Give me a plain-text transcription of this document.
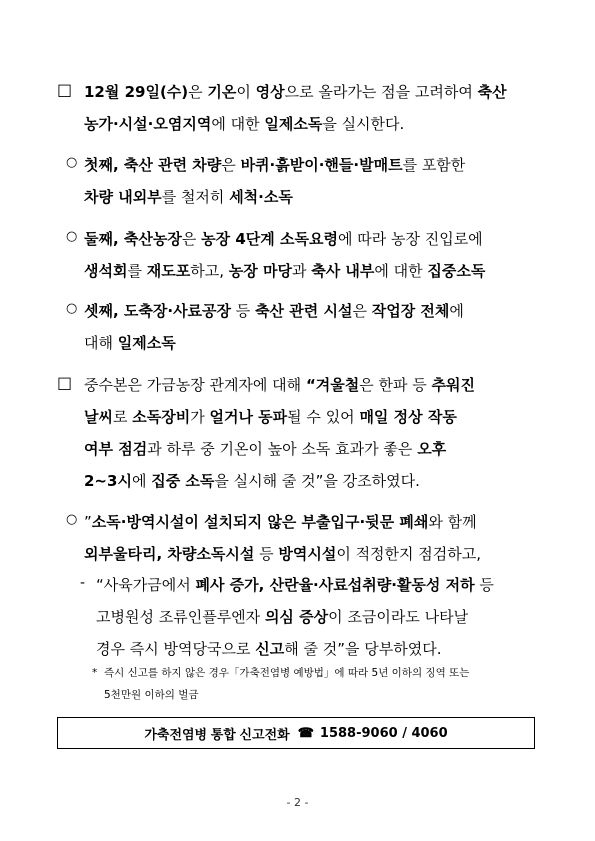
□ 12월 29일(수)은 기온이 영상으로 올라가는 점을 고려하여 축산
농가·시설·오염지역에 대한 일제소독을 실시한다.
○ 첫째, 축산 관련 차량은 바퀴·흙받이·핸들·발매트를 포함한
차량 내외부를 철저히 세척·소독
○ 둘째, 축산농장은 농장 4단계 소독요령에 따라 농장 진입로에
생석회를 재도포하고, 농장 마당과 축사 내부에 대한 집중소독
○ 셋째, 도축장·사료공장 등 축산 관련 시설은 작업장 전체에
대해 일제소독
□ 중수본은 가금농장 관계자에 대해 “겨울철은 한파 등 추워진
날씨로 소독장비가 얼거나 동파될 수 있어 매일 정상 작동
여부 점검과 하루 중 기온이 높아 소독 효과가 좋은 오후
2~3시에 집중 소독을 실시해 줄 것”을 강조하였다.
○ ”소독·방역시설이 설치되지 않은 부출입구·뒷문 폐쇄와 함께
외부울타리, 차량소독시설 등 방역시설이 적정한지 점검하고,
- “사육가금에서 폐사 증가, 산란율·사료섭취량·활동성 저하 등
고병원성 조류인플루엔자 의심 증상이 조금이라도 나타날
경우 즉시 방역당국으로 신고해 줄 것”을 당부하였다.
* 즉시 신고를 하지 않은 경우「가축전염병 예방법」에 따라 5년 이하의 징역 또는
5천만원 이하의 벌금
가축전염병 통합 신고전화 ☎ 1588-9060 / 4060
- 2 -
